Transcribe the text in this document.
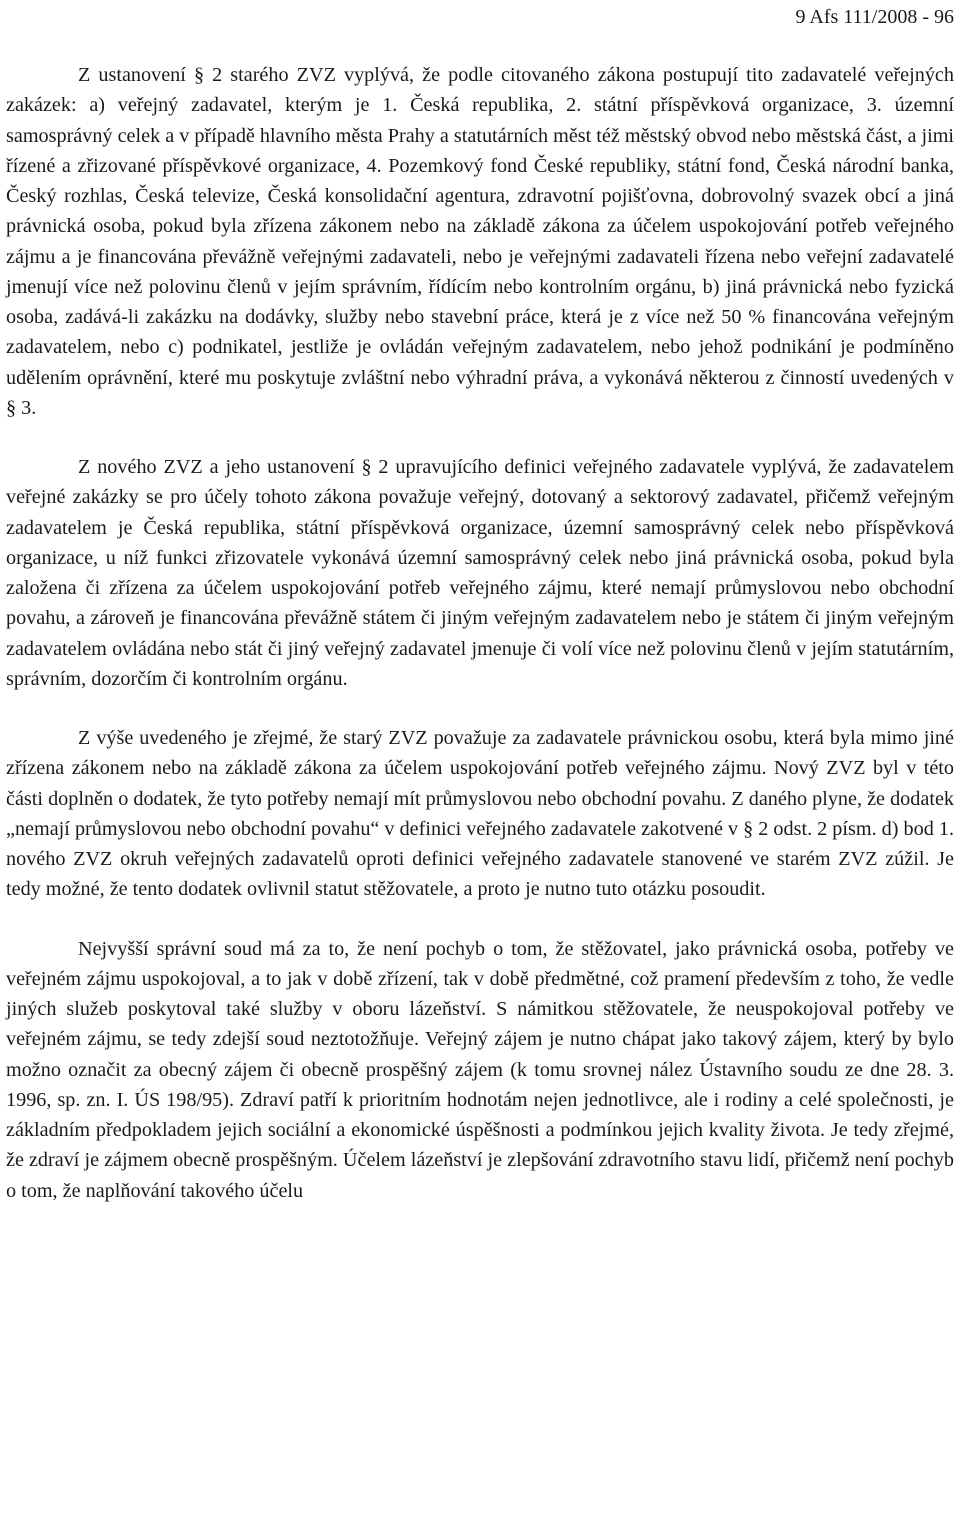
9 Afs 111/2008 - 96

Z ustanovení § 2 starého ZVZ vyplývá, že podle citovaného zákona postupují tito zadavatelé veřejných zakázek: a) veřejný zadavatel, kterým je 1. Česká republika, 2. státní příspěvková organizace, 3. územní samosprávný celek a v případě hlavního města Prahy a statutárních měst též městský obvod nebo městská část, a jimi řízené a zřizované příspěvkové organizace, 4. Pozemkový fond České republiky, státní fond, Česká národní banka, Český rozhlas, Česká televize, Česká konsolidační agentura, zdravotní pojišťovna, dobrovolný svazek obcí a jiná právnická osoba, pokud byla zřízena zákonem nebo na základě zákona za účelem uspokojování potřeb veřejného zájmu a je financována převážně veřejnými zadavateli, nebo je veřejnými zadavateli řízena nebo veřejní zadavatelé jmenují více než polovinu členů v jejím správním, řídícím nebo kontrolním orgánu, b) jiná právnická nebo fyzická osoba, zadává-li zakázku na dodávky, služby nebo stavební práce, která je z více než 50 % financována veřejným zadavatelem, nebo c) podnikatel, jestliže je ovládán veřejným zadavatelem, nebo jehož podnikání je podmíněno udělením oprávnění, které mu poskytuje zvláštní nebo výhradní práva, a vykonává některou z činností uvedených v § 3.

Z nového ZVZ a jeho ustanovení § 2 upravujícího definici veřejného zadavatele vyplývá, že zadavatelem veřejné zakázky se pro účely tohoto zákona považuje veřejný, dotovaný a sektorový zadavatel, přičemž veřejným zadavatelem je Česká republika, státní příspěvková organizace, územní samosprávný celek nebo příspěvková organizace, u níž funkci zřizovatele vykonává územní samosprávný celek nebo jiná právnická osoba, pokud byla založena či zřízena za účelem uspokojování potřeb veřejného zájmu, které nemají průmyslovou nebo obchodní povahu, a zároveň je financována převážně státem či jiným veřejným zadavatelem nebo je státem či jiným veřejným zadavatelem ovládána nebo stát či jiný veřejný zadavatel jmenuje či volí více než polovinu členů v jejím statutárním, správním, dozorčím či kontrolním orgánu.

Z výše uvedeného je zřejmé, že starý ZVZ považuje za zadavatele právnickou osobu, která byla mimo jiné zřízena zákonem nebo na základě zákona za účelem uspokojování potřeb veřejného zájmu. Nový ZVZ byl v této části doplněn o dodatek, že tyto potřeby nemají mít průmyslovou nebo obchodní povahu. Z daného plyne, že dodatek „nemají průmyslovou nebo obchodní povahu“ v definici veřejného zadavatele zakotvené v § 2 odst. 2 písm. d) bod 1. nového ZVZ okruh veřejných zadavatelů oproti definici veřejného zadavatele stanovené ve starém ZVZ zúžil. Je tedy možné, že tento dodatek ovlivnil statut stěžovatele, a proto je nutno tuto otázku posoudit.

Nejvyšší správní soud má za to, že není pochyb o tom, že stěžovatel, jako právnická osoba, potřeby ve veřejném zájmu uspokojoval, a to jak v době zřízení, tak v době předmětné, což pramení především z toho, že vedle jiných služeb poskytoval také služby v oboru lázeňství. S námitkou stěžovatele, že neuspokojoval potřeby ve veřejném zájmu, se tedy zdejší soud neztotožňuje. Veřejný zájem je nutno chápat jako takový zájem, který by bylo možno označit za obecný zájem či obecně prospěšný zájem (k tomu srovnej nález Ústavního soudu ze dne 28. 3. 1996, sp. zn. I. ÚS 198/95). Zdraví patří k prioritním hodnotám nejen jednotlivce, ale i rodiny a celé společnosti, je základním předpokladem jejich sociální a ekonomické úspěšnosti a podmínkou jejich kvality života. Je tedy zřejmé, že zdraví je zájmem obecně prospěšným. Účelem lázeňství je zlepšování zdravotního stavu lidí, přičemž není pochyb o tom, že naplňování takového účelu
